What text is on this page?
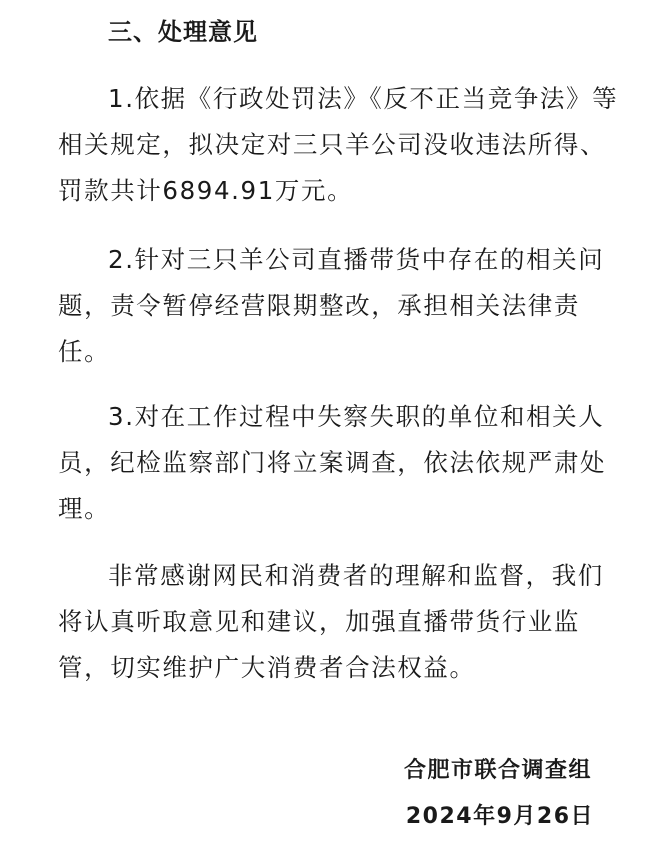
三、处理意见
1.依据《行政处罚法》《反不正当竞争法》等
相关规定，拟决定对三只羊公司没收违法所得、
罚款共计6894.91万元。
2.针对三只羊公司直播带货中存在的相关问
题，责令暂停经营限期整改，承担相关法律责
任。
3.对在工作过程中失察失职的单位和相关人
员，纪检监察部门将立案调查，依法依规严肃处
理。
非常感谢网民和消费者的理解和监督，我们
将认真听取意见和建议，加强直播带货行业监
管，切实维护广大消费者合法权益。
合肥市联合调查组
2024年9月26日
